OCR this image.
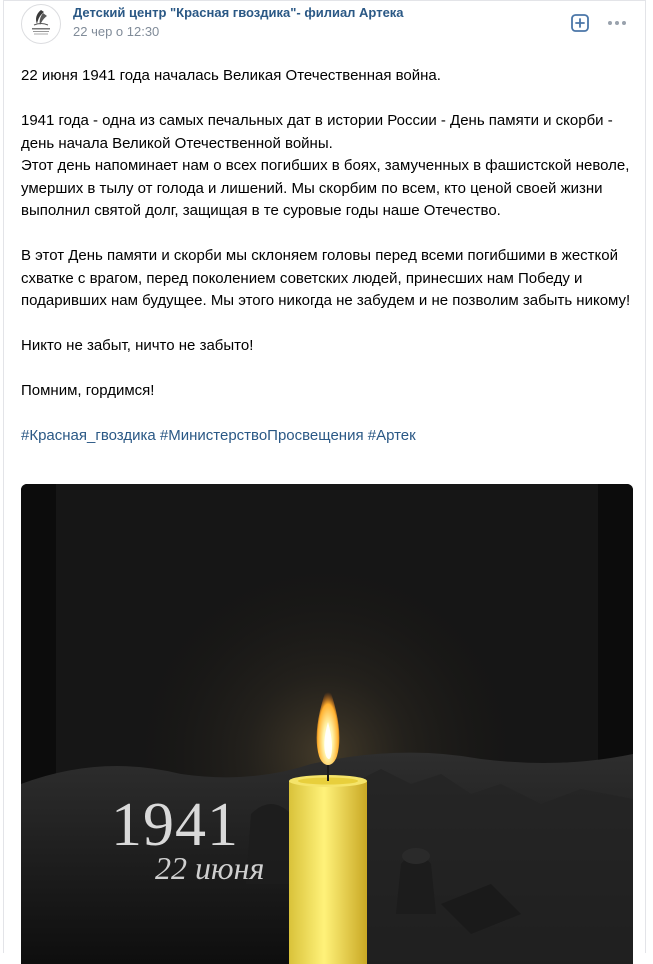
Детский центр "Красная гвоздика"- филиал Артека
22 чер о 12:30

22 июня 1941 года началась Великая Отечественная война.

1941 года - одна из самых печальных дат в истории России - День памяти и скорби - день начала Великой Отечественной войны.
Этот день напоминает нам о всех погибших в боях, замученных в фашистской неволе, умерших в тылу от голода и лишений. Мы скорбим по всем, кто ценой своей жизни выполнил святой долг, защищая в те суровые годы наше Отечество.

В этот День памяти и скорби мы склоняем головы перед всеми погибшими в жесткой схватке с врагом, перед поколением советских людей, принесших нам Победу и подаривших нам будущее. Мы этого никогда не забудем и не позволим забыть никому!

Никто не забыт, ничто не забыто!

Помним, гордимся!

#Красная_гвоздика #МинистерствоПросвещения #Артек

1941
22 июня
